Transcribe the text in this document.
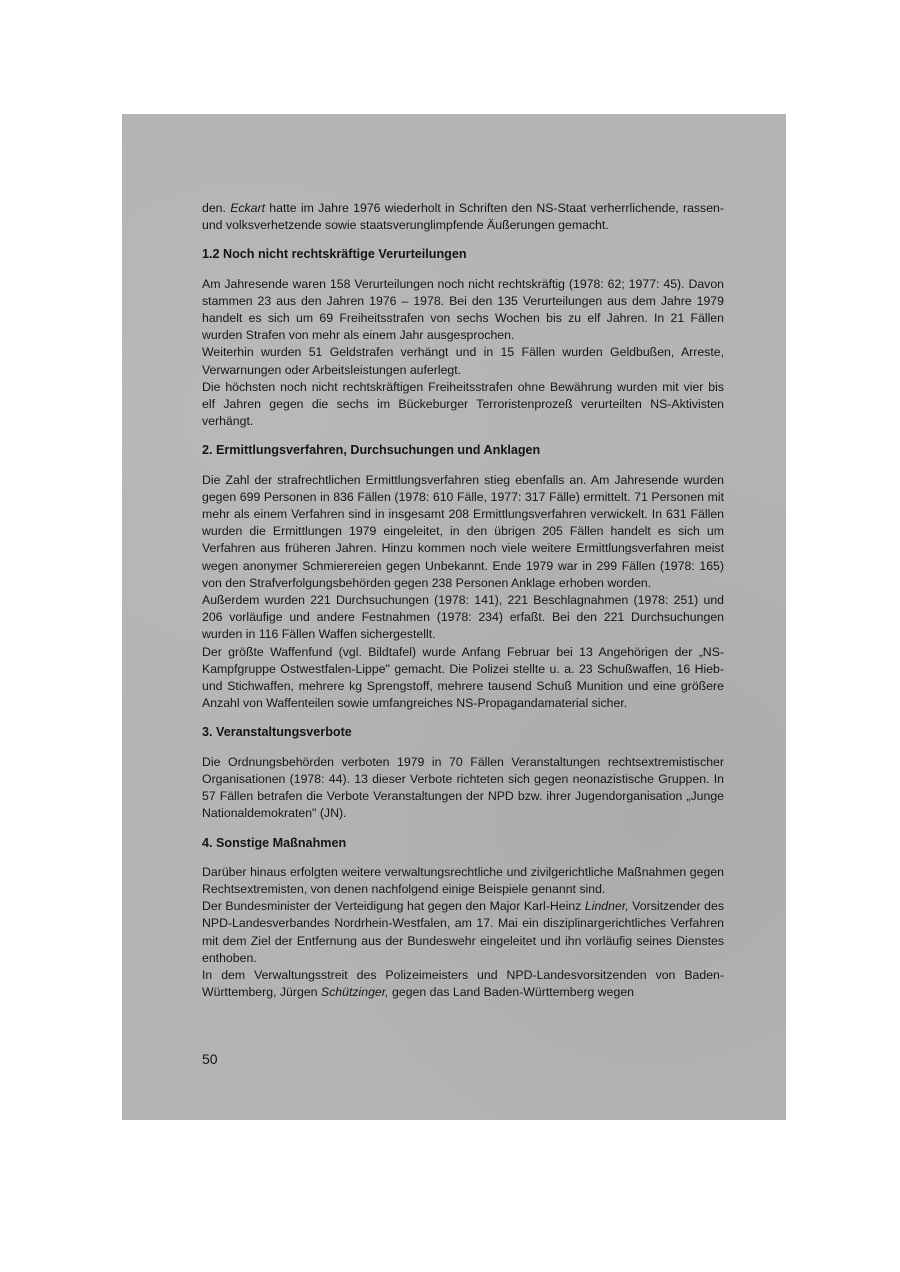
den. Eckart hatte im Jahre 1976 wiederholt in Schriften den NS-Staat verherrlichende, rassen- und volksverhetzende sowie staatsverunglimpfende Äußerungen gemacht.

1.2 Noch nicht rechtskräftige Verurteilungen

Am Jahresende waren 158 Verurteilungen noch nicht rechtskräftig (1978: 62; 1977: 45). Davon stammen 23 aus den Jahren 1976 – 1978. Bei den 135 Verurteilungen aus dem Jahre 1979 handelt es sich um 69 Freiheitsstrafen von sechs Wochen bis zu elf Jahren. In 21 Fällen wurden Strafen von mehr als einem Jahr ausgesprochen.

Weiterhin wurden 51 Geldstrafen verhängt und in 15 Fällen wurden Geldbußen, Arreste, Verwarnungen oder Arbeitsleistungen auferlegt.

Die höchsten noch nicht rechtskräftigen Freiheitsstrafen ohne Bewährung wurden mit vier bis elf Jahren gegen die sechs im Bückeburger Terroristenprozeß verurteilten NS-Aktivisten verhängt.

2. Ermittlungsverfahren, Durchsuchungen und Anklagen

Die Zahl der strafrechtlichen Ermittlungsverfahren stieg ebenfalls an. Am Jahresende wurden gegen 699 Personen in 836 Fällen (1978: 610 Fälle, 1977: 317 Fälle) ermittelt. 71 Personen mit mehr als einem Verfahren sind in insgesamt 208 Ermittlungsverfahren verwickelt. In 631 Fällen wurden die Ermittlungen 1979 eingeleitet, in den übrigen 205 Fällen handelt es sich um Verfahren aus früheren Jahren. Hinzu kommen noch viele weitere Ermittlungsverfahren meist wegen anonymer Schmierereien gegen Unbekannt. Ende 1979 war in 299 Fällen (1978: 165) von den Strafverfolgungsbehörden gegen 238 Personen Anklage erhoben worden.

Außerdem wurden 221 Durchsuchungen (1978: 141), 221 Beschlagnahmen (1978: 251) und 206 vorläufige und andere Festnahmen (1978: 234) erfaßt. Bei den 221 Durchsuchungen wurden in 116 Fällen Waffen sichergestellt.

Der größte Waffenfund (vgl. Bildtafel) wurde Anfang Februar bei 13 Angehörigen der „NS-Kampfgruppe Ostwestfalen-Lippe" gemacht. Die Polizei stellte u. a. 23 Schußwaffen, 16 Hieb- und Stichwaffen, mehrere kg Sprengstoff, mehrere tausend Schuß Munition und eine größere Anzahl von Waffenteilen sowie umfangreiches NS-Propagandamaterial sicher.

3. Veranstaltungsverbote

Die Ordnungsbehörden verboten 1979 in 70 Fällen Veranstaltungen rechtsextremistischer Organisationen (1978: 44). 13 dieser Verbote richteten sich gegen neonazistische Gruppen. In 57 Fällen betrafen die Verbote Veranstaltungen der NPD bzw. ihrer Jugendorganisation „Junge Nationaldemokraten" (JN).

4. Sonstige Maßnahmen

Darüber hinaus erfolgten weitere verwaltungsrechtliche und zivilgerichtliche Maßnahmen gegen Rechtsextremisten, von denen nachfolgend einige Beispiele genannt sind.

Der Bundesminister der Verteidigung hat gegen den Major Karl-Heinz Lindner, Vorsitzender des NPD-Landesverbandes Nordrhein-Westfalen, am 17. Mai ein disziplinargerichtliches Verfahren mit dem Ziel der Entfernung aus der Bundeswehr eingeleitet und ihn vorläufig seines Dienstes enthoben.

In dem Verwaltungsstreit des Polizeimeisters und NPD-Landesvorsitzenden von Baden-Württemberg, Jürgen Schützinger, gegen das Land Baden-Württemberg wegen

50
